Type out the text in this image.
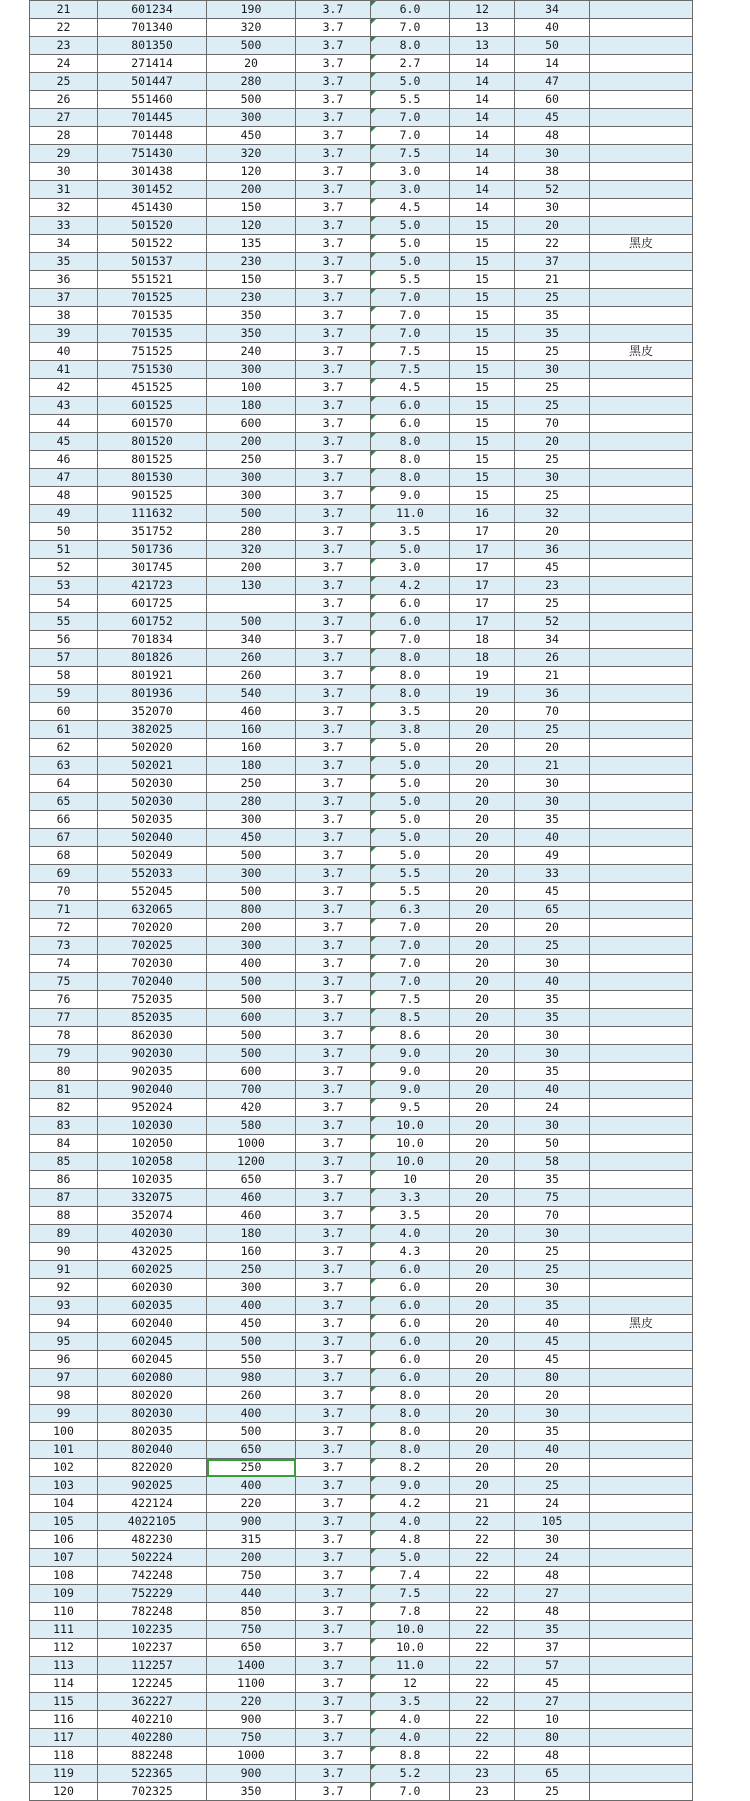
21	601234	190	3.7	6.0	12	34	
22	701340	320	3.7	7.0	13	40	
23	801350	500	3.7	8.0	13	50	
24	271414	20	3.7	2.7	14	14	
25	501447	280	3.7	5.0	14	47	
26	551460	500	3.7	5.5	14	60	
27	701445	300	3.7	7.0	14	45	
28	701448	450	3.7	7.0	14	48	
29	751430	320	3.7	7.5	14	30	
30	301438	120	3.7	3.0	14	38	
31	301452	200	3.7	3.0	14	52	
32	451430	150	3.7	4.5	14	30	
33	501520	120	3.7	5.0	15	20	
34	501522	135	3.7	5.0	15	22	黑皮
35	501537	230	3.7	5.0	15	37	
36	551521	150	3.7	5.5	15	21	
37	701525	230	3.7	7.0	15	25	
38	701535	350	3.7	7.0	15	35	
39	701535	350	3.7	7.0	15	35	
40	751525	240	3.7	7.5	15	25	黑皮
41	751530	300	3.7	7.5	15	30	
42	451525	100	3.7	4.5	15	25	
43	601525	180	3.7	6.0	15	25	
44	601570	600	3.7	6.0	15	70	
45	801520	200	3.7	8.0	15	20	
46	801525	250	3.7	8.0	15	25	
47	801530	300	3.7	8.0	15	30	
48	901525	300	3.7	9.0	15	25	
49	111632	500	3.7	11.0	16	32	
50	351752	280	3.7	3.5	17	20	
51	501736	320	3.7	5.0	17	36	
52	301745	200	3.7	3.0	17	45	
53	421723	130	3.7	4.2	17	23	
54	601725		3.7	6.0	17	25	
55	601752	500	3.7	6.0	17	52	
56	701834	340	3.7	7.0	18	34	
57	801826	260	3.7	8.0	18	26	
58	801921	260	3.7	8.0	19	21	
59	801936	540	3.7	8.0	19	36	
60	352070	460	3.7	3.5	20	70	
61	382025	160	3.7	3.8	20	25	
62	502020	160	3.7	5.0	20	20	
63	502021	180	3.7	5.0	20	21	
64	502030	250	3.7	5.0	20	30	
65	502030	280	3.7	5.0	20	30	
66	502035	300	3.7	5.0	20	35	
67	502040	450	3.7	5.0	20	40	
68	502049	500	3.7	5.0	20	49	
69	552033	300	3.7	5.5	20	33	
70	552045	500	3.7	5.5	20	45	
71	632065	800	3.7	6.3	20	65	
72	702020	200	3.7	7.0	20	20	
73	702025	300	3.7	7.0	20	25	
74	702030	400	3.7	7.0	20	30	
75	702040	500	3.7	7.0	20	40	
76	752035	500	3.7	7.5	20	35	
77	852035	600	3.7	8.5	20	35	
78	862030	500	3.7	8.6	20	30	
79	902030	500	3.7	9.0	20	30	
80	902035	600	3.7	9.0	20	35	
81	902040	700	3.7	9.0	20	40	
82	952024	420	3.7	9.5	20	24	
83	102030	580	3.7	10.0	20	30	
84	102050	1000	3.7	10.0	20	50	
85	102058	1200	3.7	10.0	20	58	
86	102035	650	3.7	10	20	35	
87	332075	460	3.7	3.3	20	75	
88	352074	460	3.7	3.5	20	70	
89	402030	180	3.7	4.0	20	30	
90	432025	160	3.7	4.3	20	25	
91	602025	250	3.7	6.0	20	25	
92	602030	300	3.7	6.0	20	30	
93	602035	400	3.7	6.0	20	35	
94	602040	450	3.7	6.0	20	40	黑皮
95	602045	500	3.7	6.0	20	45	
96	602045	550	3.7	6.0	20	45	
97	602080	980	3.7	6.0	20	80	
98	802020	260	3.7	8.0	20	20	
99	802030	400	3.7	8.0	20	30	
100	802035	500	3.7	8.0	20	35	
101	802040	650	3.7	8.0	20	40	
102	822020	250	3.7	8.2	20	20	
103	902025	400	3.7	9.0	20	25	
104	422124	220	3.7	4.2	21	24	
105	4022105	900	3.7	4.0	22	105	
106	482230	315	3.7	4.8	22	30	
107	502224	200	3.7	5.0	22	24	
108	742248	750	3.7	7.4	22	48	
109	752229	440	3.7	7.5	22	27	
110	782248	850	3.7	7.8	22	48	
111	102235	750	3.7	10.0	22	35	
112	102237	650	3.7	10.0	22	37	
113	112257	1400	3.7	11.0	22	57	
114	122245	1100	3.7	12	22	45	
115	362227	220	3.7	3.5	22	27	
116	402210	900	3.7	4.0	22	10	
117	402280	750	3.7	4.0	22	80	
118	882248	1000	3.7	8.8	22	48	
119	522365	900	3.7	5.2	23	65	
120	702325	350	3.7	7.0	23	25	
